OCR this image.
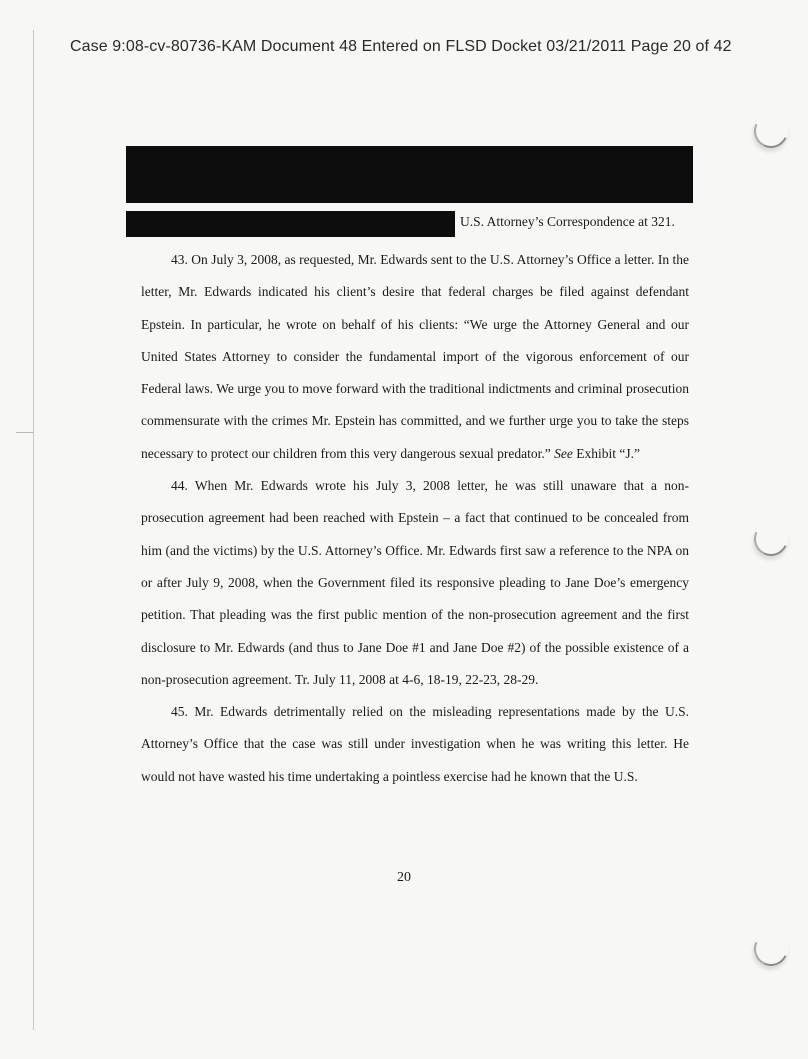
Case 9:08-cv-80736-KAM Document 48 Entered on FLSD Docket 03/21/2011 Page 20 of 42
U.S. Attorney’s Correspondence at 321.

43. On July 3, 2008, as requested, Mr. Edwards sent to the U.S. Attorney’s Office a letter. In the letter, Mr. Edwards indicated his client’s desire that federal charges be filed against defendant Epstein. In particular, he wrote on behalf of his clients: “We urge the Attorney General and our United States Attorney to consider the fundamental import of the vigorous enforcement of our Federal laws. We urge you to move forward with the traditional indictments and criminal prosecution commensurate with the crimes Mr. Epstein has committed, and we further urge you to take the steps necessary to protect our children from this very dangerous sexual predator.” See Exhibit “J.”

44. When Mr. Edwards wrote his July 3, 2008 letter, he was still unaware that a non-prosecution agreement had been reached with Epstein – a fact that continued to be concealed from him (and the victims) by the U.S. Attorney’s Office. Mr. Edwards first saw a reference to the NPA on or after July 9, 2008, when the Government filed its responsive pleading to Jane Doe’s emergency petition. That pleading was the first public mention of the non-prosecution agreement and the first disclosure to Mr. Edwards (and thus to Jane Doe #1 and Jane Doe #2) of the possible existence of a non-prosecution agreement. Tr. July 11, 2008 at 4-6, 18-19, 22-23, 28-29.

45. Mr. Edwards detrimentally relied on the misleading representations made by the U.S. Attorney’s Office that the case was still under investigation when he was writing this letter. He would not have wasted his time undertaking a pointless exercise had he known that the U.S.

20
